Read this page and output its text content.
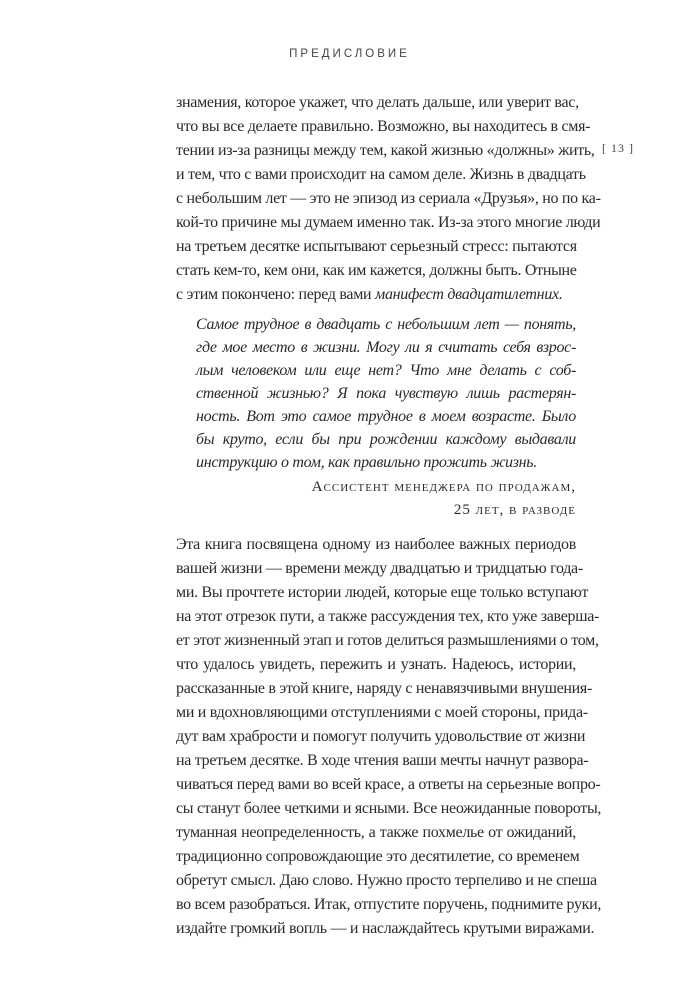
ПРЕДИСЛОВИЕ
[ 13 ]
знамения, которое укажет, что делать дальше, или уверит вас,
что вы все делаете правильно. Возможно, вы находитесь в смя-
тении из-за разницы между тем, какой жизнью «должны» жить,
и тем, что с вами происходит на самом деле. Жизнь в двадцать
с небольшим лет — это не эпизод из сериала «Друзья», но по ка-
кой-то причине мы думаем именно так. Из-за этого многие люди
на третьем десятке испытывают серьезный стресс: пытаются
стать кем-то, кем они, как им кажется, должны быть. Отныне
с этим покончено: перед вами манифест двадцатилетних.
Самое трудное в двадцать с небольшим лет — понять,
где мое место в жизни. Могу ли я считать себя взрос-
лым человеком или еще нет? Что мне делать с соб-
ственной жизнью? Я пока чувствую лишь растерян-
ность. Вот это самое трудное в моем возрасте. Было
бы круто, если бы при рождении каждому выдавали
инструкцию о том, как правильно прожить жизнь.
Ассистент менеджера по продажам,
25 лет, в разводе
Эта книга посвящена одному из наиболее важных периодов
вашей жизни — времени между двадцатью и тридцатью года-
ми. Вы прочтете истории людей, которые еще только вступают
на этот отрезок пути, а также рассуждения тех, кто уже заверша-
ет этот жизненный этап и готов делиться размышлениями о том,
что удалось увидеть, пережить и узнать. Надеюсь, истории,
рассказанные в этой книге, наряду с ненавязчивыми внушения-
ми и вдохновляющими отступлениями с моей стороны, прида-
дут вам храбрости и помогут получить удовольствие от жизни
на третьем десятке. В ходе чтения ваши мечты начнут развора-
чиваться перед вами во всей красе, а ответы на серьезные вопро-
сы станут более четкими и ясными. Все неожиданные повороты,
туманная неопределенность, а также похмелье от ожиданий,
традиционно сопровождающие это десятилетие, со временем
обретут смысл. Даю слово. Нужно просто терпеливо и не спеша
во всем разобраться. Итак, отпустите поручень, поднимите руки,
издайте громкий вопль — и наслаждайтесь крутыми виражами.
